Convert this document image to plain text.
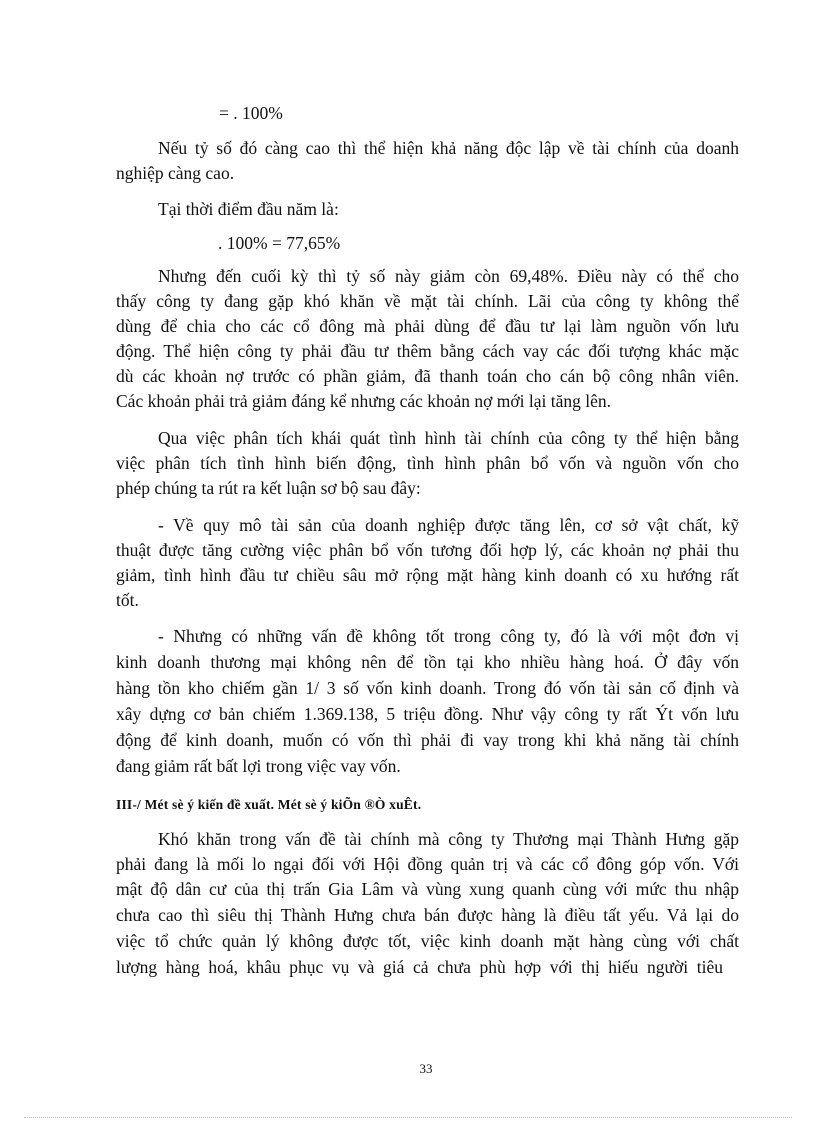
= . 100%
Nếu tỷ số đó càng cao thì thể hiện khả năng độc lập về tài chính của doanh
nghiệp càng cao.
Tại thời điểm đầu năm là:
. 100% = 77,65%
Nhưng đến cuối kỳ thì tỷ số này giảm còn 69,48%. Điều này có thể cho
thấy công ty đang gặp khó khăn về mặt tài chính. Lãi của công ty không thể
dùng để chia cho các cổ đông mà phải dùng để đầu tư lại làm nguồn vốn lưu
động. Thể hiện công ty phải đầu tư thêm bằng cách vay các đối tượng khác mặc
dù các khoản nợ trước có phần giảm, đã thanh toán cho cán bộ công nhân viên.
Các khoản phải trả giảm đáng kể nhưng các khoản nợ mới lại tăng lên.
Qua việc phân tích khái quát tình hình tài chính của công ty thể hiện bằng
việc phân tích tình hình biến động, tình hình phân bổ vốn và nguồn vốn cho
phép chúng ta rút ra kết luận sơ bộ sau đây:
- Về quy mô tài sản của doanh nghiệp được tăng lên, cơ sở vật chất, kỹ
thuật được tăng cường việc phân bổ vốn tương đối hợp lý, các khoản nợ phải thu
giảm, tình hình đầu tư chiều sâu mở rộng mặt hàng kinh doanh có xu hướng rất
tốt.
- Nhưng có những vấn đề không tốt trong công ty, đó là với một đơn vị
kinh doanh thương mại không nên để tồn tại kho nhiều hàng hoá. Ở đây vốn
hàng tồn kho chiếm gần 1/ 3 số vốn kinh doanh. Trong đó vốn tài sản cố định và
xây dựng cơ bản chiếm 1.369.138, 5 triệu đồng. Như vậy công ty rất Ýt vốn lưu
động để kinh doanh, muốn có vốn thì phải đi vay trong khi khả năng tài chính
đang giảm rất bất lợi trong việc vay vốn.
III-/ Mét sè ý kiến đề xuất. Mét sè ý kiÕn ®Ò xuÊt.
Khó khăn trong vấn đề tài chính mà công ty Thương mại Thành Hưng gặp
phải đang là mối lo ngại đối với Hội đồng quản trị và các cổ đông góp vốn. Với
mật độ dân cư của thị trấn Gia Lâm và vùng xung quanh cùng với mức thu nhập
chưa cao thì siêu thị Thành Hưng chưa bán được hàng là điều tất yếu. Vả lại do
việc tổ chức quản lý không được tốt, việc kinh doanh mặt hàng cùng với chất
lượng hàng hoá, khâu phục vụ và giá cả chưa phù hợp với thị hiếu người tiêu
33
